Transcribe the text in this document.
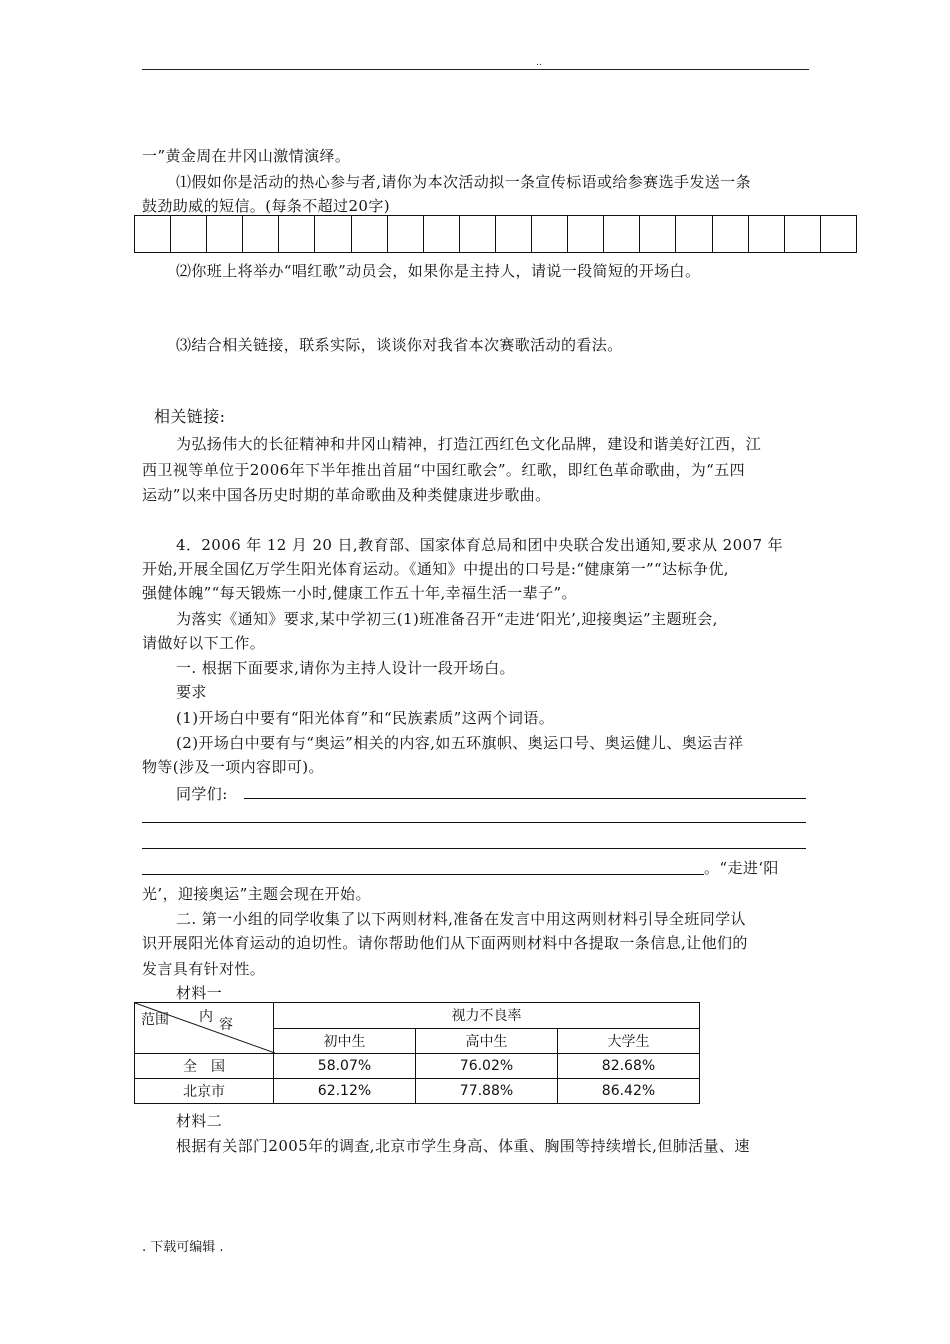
..
一”黄金周在井冈山激情演绎。
⑴假如你是活动的热心参与者,请你为本次活动拟一条宣传标语或给参赛选手发送一条
鼓劲助威的短信。(每条不超过20字)
⑵你班上将举办“唱红歌”动员会，如果你是主持人，请说一段简短的开场白。
⑶结合相关链接，联系实际，谈谈你对我省本次赛歌活动的看法。
相关链接:
为弘扬伟大的长征精神和井冈山精神，打造江西红色文化品牌，建设和谐美好江西，江
西卫视等单位于2006年下半年推出首届“中国红歌会”。红歌，即红色革命歌曲，为“五四
运动”以来中国各历史时期的革命歌曲及种类健康进步歌曲。
4．2006 年 12 月 20 日,教育部、国家体育总局和团中央联合发出通知,要求从 2007 年
开始,开展全国亿万学生阳光体育运动。《通知》中提出的口号是:“健康第一”“达标争优,
强健体魄”“每天锻炼一小时,健康工作五十年,幸福生活一辈子”。
为落实《通知》要求,某中学初三(1)班准备召开“走进‘阳光’,迎接奥运”主题班会,
请做好以下工作。
一. 根据下面要求,请你为主持人设计一段开场白。
要求
(1)开场白中要有“阳光体育”和“民族素质”这两个词语。
(2)开场白中要有与“奥运”相关的内容,如五环旗帜、奥运口号、奥运健儿、奥运吉祥
物等(涉及一项内容即可)。
同学们:
。“走进‘阳
光’，迎接奥运”主题会现在开始。
二. 第一小组的同学收集了以下两则材料,准备在发言中用这两则材料引导全班同学认
识开展阳光体育运动的迫切性。请你帮助他们从下面两则材料中各提取一条信息,让他们的
发言具有针对性。
材料一
范围 内 容	视力不良率		
	初中生	高中生	大学生
全　国	58.07%	76.02%	82.68%
北京市	62.12%	77.88%	86.42%
材料二
根据有关部门2005年的调查,北京市学生身高、体重、胸围等持续增长,但肺活量、速
. 下载可编辑 .
